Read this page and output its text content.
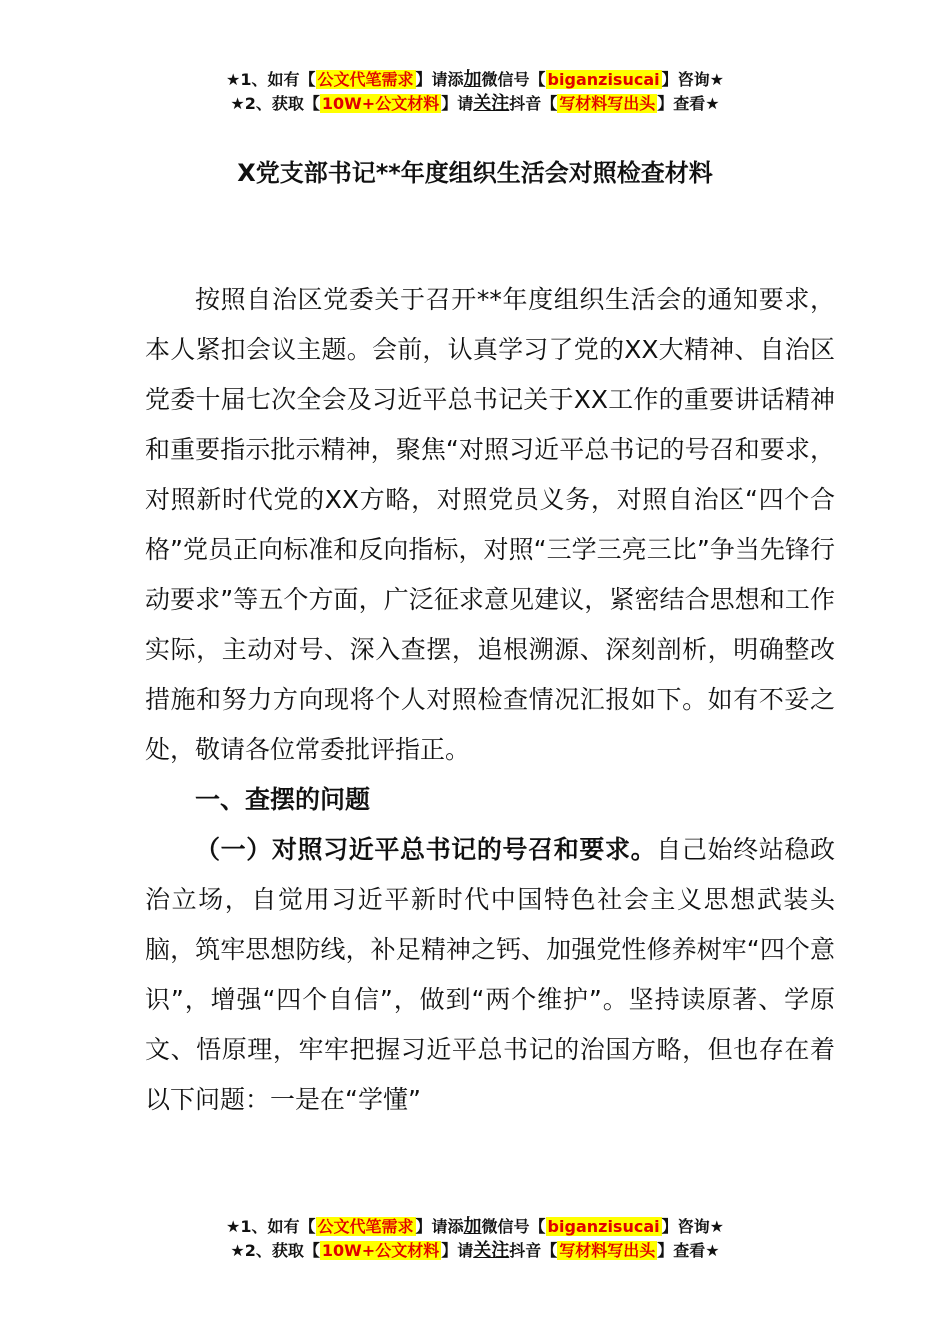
★1、如有【 公文代笔需求 】请添加微信号【 biganzisucai 】咨询★
★2、获取【 10W+公文材料 】请关注抖音【 写材料写出头 】查看★
X党支部书记**年度组织生活会对照检查材料

按照自治区党委关于召开**年度组织生活会的通知要求，本人紧扣会议主题。会前，认真学习了党的XX大精神、自治区党委十届七次全会及习近平总书记关于XX工作的重要讲话精神和重要指示批示精神，聚焦“对照习近平总书记的号召和要求，对照新时代党的XX方略，对照党员义务，对照自治区“四个合格”党员正向标准和反向指标，对照“三学三亮三比”争当先锋行动要求”等五个方面，广泛征求意见建议，紧密结合思想和工作实际，主动对号、深入查摆，追根溯源、深刻剖析，明确整改措施和努力方向现将个人对照检查情况汇报如下。如有不妥之处，敬请各位常委批评指正。

一、查摆的问题

（一）对照习近平总书记的号召和要求。自己始终站稳政治立场，自觉用习近平新时代中国特色社会主义思想武装头脑，筑牢思想防线，补足精神之钙、加强党性修养树牢“四个意识”，增强“四个自信”，做到“两个维护”。坚持读原著、学原文、悟原理，牢牢把握习近平总书记的治国方略，但也存在着以下问题：一是在“学懂”

★1、如有【 公文代笔需求 】请添加微信号【 biganzisucai 】咨询★
★2、获取【 10W+公文材料 】请关注抖音【 写材料写出头 】查看★
